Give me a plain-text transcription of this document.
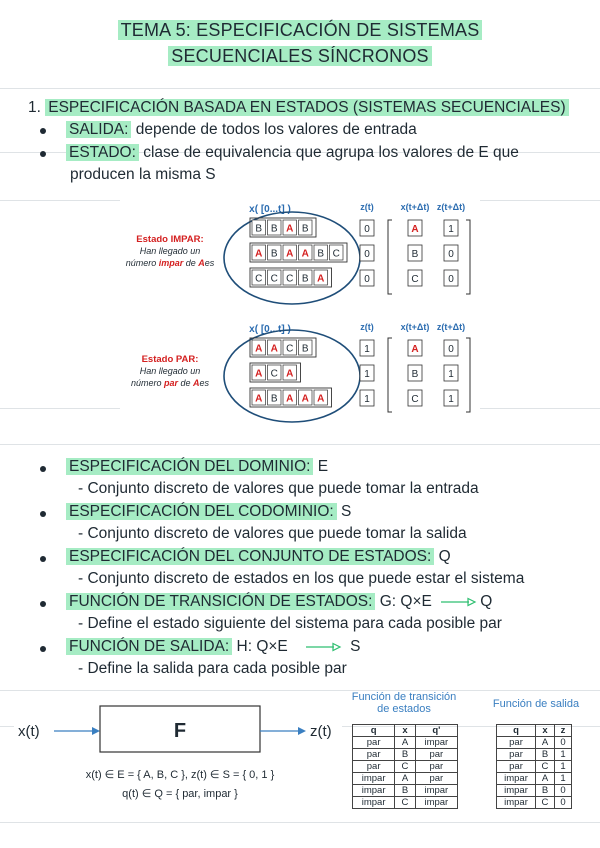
TEMA 5: ESPECIFICACIÓN DE SISTEMAS
SECUENCIALES SÍNCRONOS
1. ESPECIFICACIÓN BASADA EN ESTADOS (SISTEMAS SECUENCIALES)
SALIDA: depende de todos los valores de entrada
ESTADO: clase de equivalencia que agrupa los valores de E que
producen la misma S
x( [0...t] )	z(t)	x(t+Δt) z(t+Δt)
Estado IMPAR:
Han llegado un
número impar de Aes
B B A B	0	A	1
A B A A B C 0	B	0
C C C B A	0	C	0
x( [0...t] )	z(t)	x(t+Δt) z(t+Δt)
Estado PAR:
Han llegado un
número par de Aes
A A C B	1	A	0
A C A	1	B	1
A B A A A	1	C	1
ESPECIFICACIÓN DEL DOMINIO: E
- Conjunto discreto de valores que puede tomar la entrada
ESPECIFICACIÓN DEL CODOMINIO: S
- Conjunto discreto de valores que puede tomar la salida
ESPECIFICACIÓN DEL CONJUNTO DE ESTADOS: Q
- Conjunto discreto de estados en los que puede estar el sistema
FUNCIÓN DE TRANSICIÓN DE ESTADOS: G: Q×E	Q
- Define el estado siguiente del sistema para cada posible par
FUNCIÓN DE SALIDA: H: Q×E	S
- Define la salida para cada posible par
x(t)	F	z(t)
x(t) ∈ E = { A, B, C }, z(t) ∈ S = { 0, 1 }
q(t) ∈ Q = { par, impar }
Función de transición
de estados
q	x	q'
par	A	impar
par	B	par
par	C	par
impar	A	par
impar	B	impar
impar	C	impar
Función de salida
q	x	z
par	A	0
par	B	1
par	C	1
impar	A	1
impar	B	0
impar	C	0
